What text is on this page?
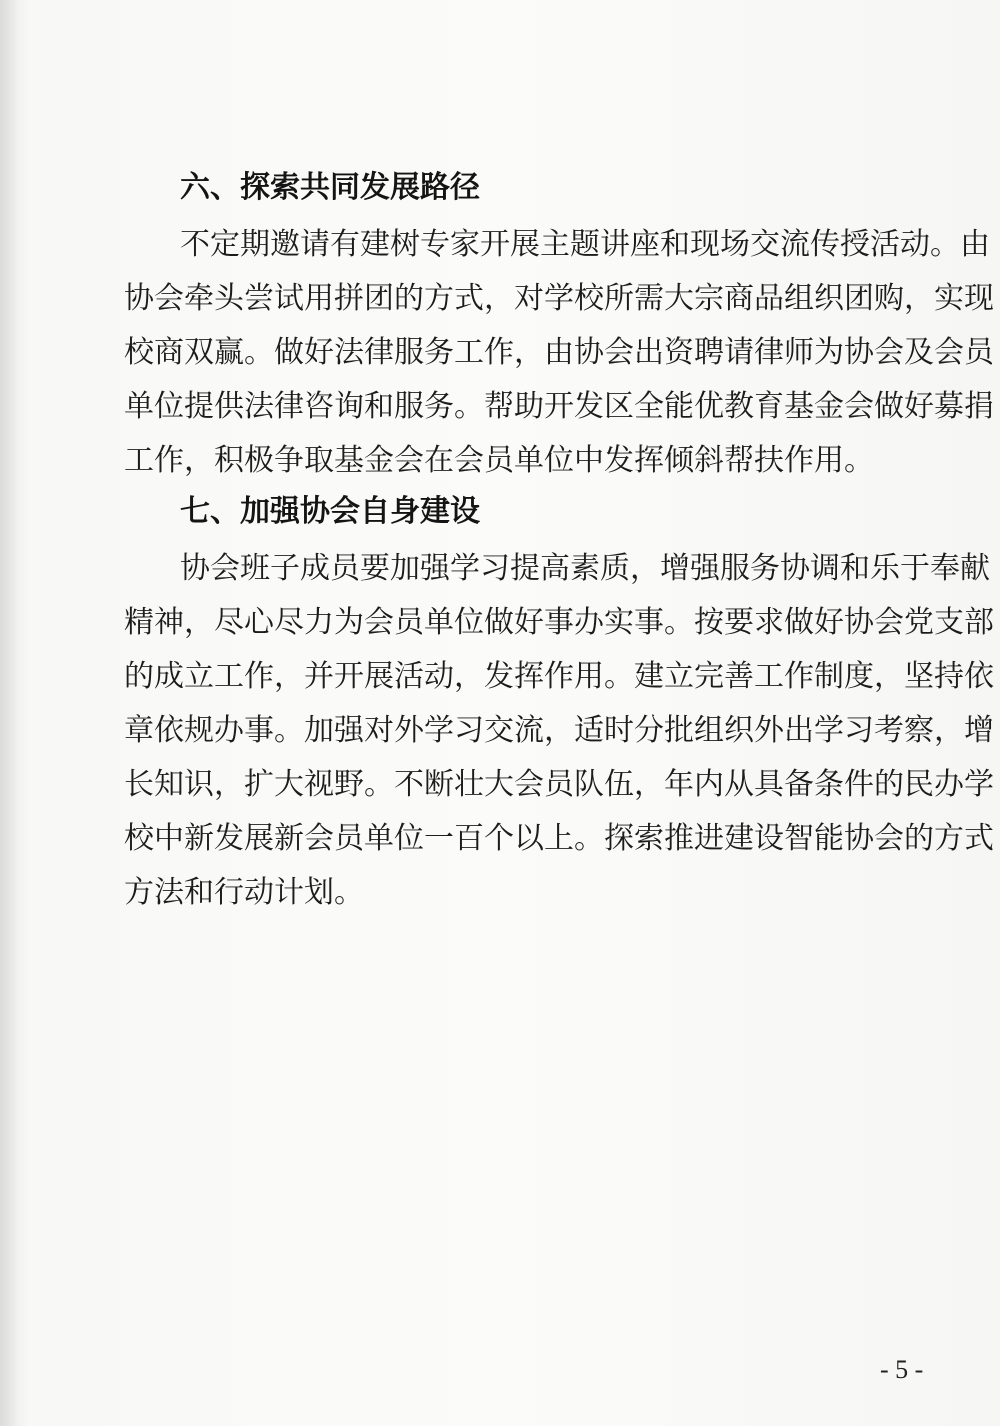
六、探索共同发展路径

不定期邀请有建树专家开展主题讲座和现场交流传授活动。由

协会牵头尝试用拼团的方式，对学校所需大宗商品组织团购，实现

校商双赢。做好法律服务工作，由协会出资聘请律师为协会及会员

单位提供法律咨询和服务。帮助开发区全能优教育基金会做好募捐

工作，积极争取基金会在会员单位中发挥倾斜帮扶作用。

七、加强协会自身建设

协会班子成员要加强学习提高素质，增强服务协调和乐于奉献

精神，尽心尽力为会员单位做好事办实事。按要求做好协会党支部

的成立工作，并开展活动，发挥作用。建立完善工作制度，坚持依

章依规办事。加强对外学习交流，适时分批组织外出学习考察，增

长知识，扩大视野。不断壮大会员队伍，年内从具备条件的民办学

校中新发展新会员单位一百个以上。探索推进建设智能协会的方式

方法和行动计划。

- 5 -
